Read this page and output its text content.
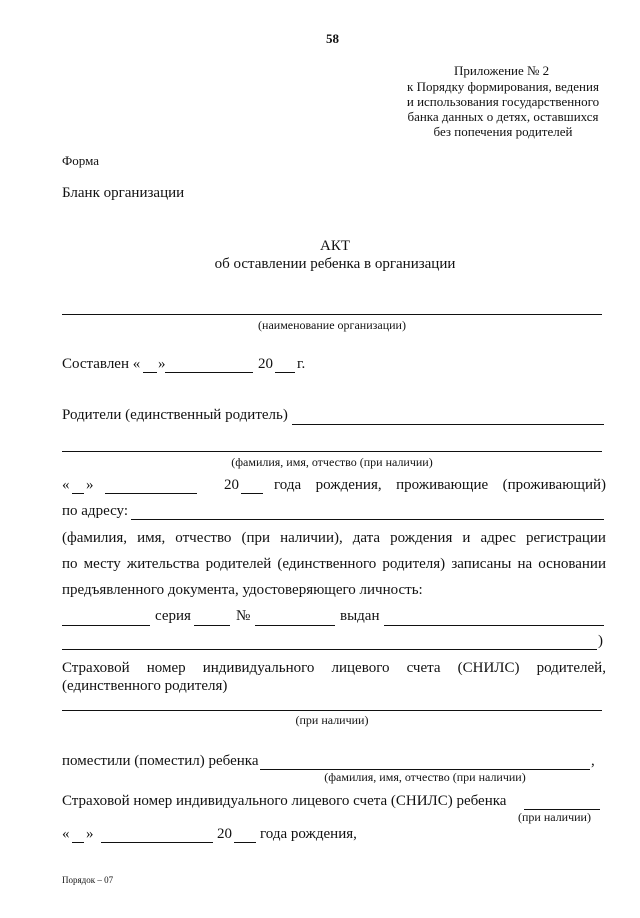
58
Приложение № 2
к Порядку формирования, ведения
и использования государственного
банка данных о детях, оставшихся
без попечения родителей
Форма
Бланк организации
АКТ
об оставлении ребенка в организации
(наименование организации)
Составлен « »	20 г.
Родители (единственный родитель)
(фамилия, имя, отчество (при наличии)
« »	20 года рождения, проживающие (проживающий)
по адресу:
(фамилия, имя, отчество (при наличии), дата рождения и адрес регистрации
по месту жительства родителей (единственного родителя) записаны на основании
предъявленного документа, удостоверяющего личность:
серия	№	выдан
)
Страховой номер индивидуального лицевого счета (СНИЛС) родителей,
(единственного родителя)
(при наличии)
поместили (поместил) ребенка	,
(фамилия, имя, отчество (при наличии)
Страховой номер индивидуального лицевого счета (СНИЛС) ребенка
(при наличии)
« »	20 года рождения,
Порядок – 07
